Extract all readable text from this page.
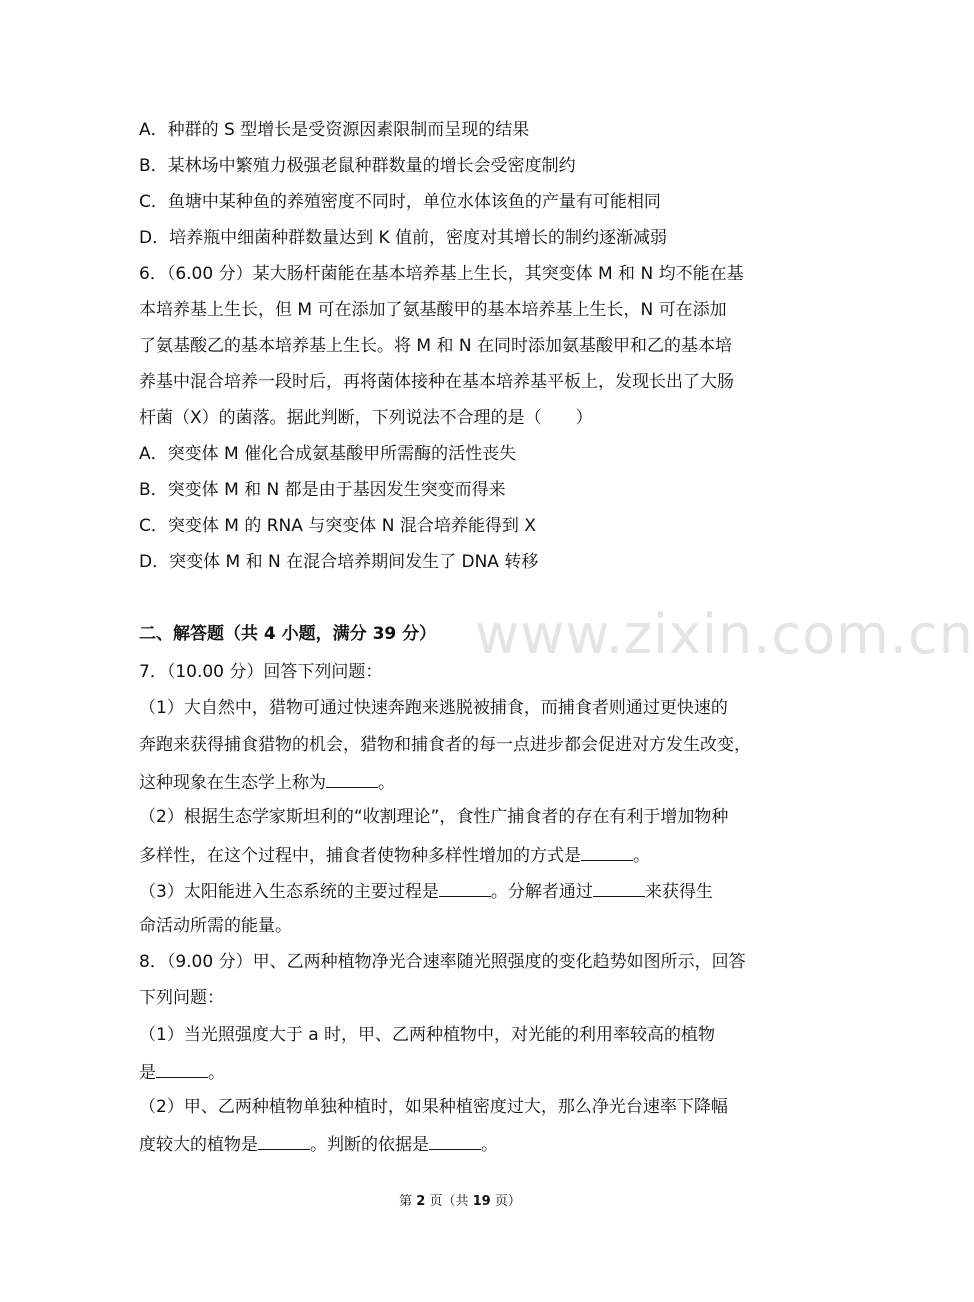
www.zixin.com.cn
A．种群的 S 型增长是受资源因素限制而呈现的结果
B．某林场中繁殖力极强老鼠种群数量的增长会受密度制约
C．鱼塘中某种鱼的养殖密度不同时，单位水体该鱼的产量有可能相同
D．培养瓶中细菌种群数量达到 K 值前，密度对其增长的制约逐渐减弱
6．（6.00 分）某大肠杆菌能在基本培养基上生长，其突变体 M 和 N 均不能在基
本培养基上生长，但 M 可在添加了氨基酸甲的基本培养基上生长，N 可在添加
了氨基酸乙的基本培养基上生长。将 M 和 N 在同时添加氨基酸甲和乙的基本培
养基中混合培养一段时后，再将菌体接种在基本培养基平板上，发现长出了大肠
杆菌（X）的菌落。据此判断，下列说法不合理的是（　　）
A．突变体 M 催化合成氨基酸甲所需酶的活性丧失
B．突变体 M 和 N 都是由于基因发生突变而得来
C．突变体 M 的 RNA 与突变体 N 混合培养能得到 X
D．突变体 M 和 N 在混合培养期间发生了 DNA 转移
二、解答题（共 4 小题，满分 39 分）
7．（10.00 分）回答下列问题：
（1）大自然中，猎物可通过快速奔跑来逃脱被捕食，而捕食者则通过更快速的
奔跑来获得捕食猎物的机会，猎物和捕食者的每一点进步都会促进对方发生改变，
这种现象在生态学上称为	。
（2）根据生态学家斯坦利的“收割理论”，食性广捕食者的存在有利于增加物种
多样性，在这个过程中，捕食者使物种多样性增加的方式是	。
（3）太阳能进入生态系统的主要过程是	。分解者通过	来获得生
命活动所需的能量。
8．（9.00 分）甲、乙两种植物净光合速率随光照强度的变化趋势如图所示，回答
下列问题：
（1）当光照强度大于 a 时，甲、乙两种植物中，对光能的利用率较高的植物
是	。
（2）甲、乙两种植物单独种植时，如果种植密度过大，那么净光台速率下降幅
度较大的植物是	。判断的依据是	。
第 2 页（共 19 页）
